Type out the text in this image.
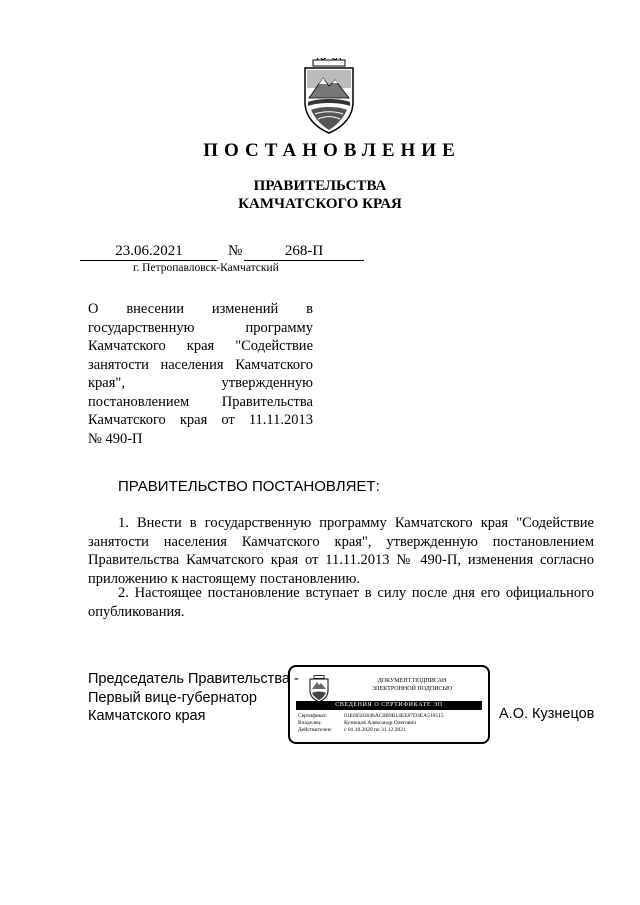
ПОСТАНОВЛЕНИЕ
ПРАВИТЕЛЬСТВА
КАМЧАТСКОГО КРАЯ
23.06.2021	№	268-П
г. Петропавловск-Камчатский
О внесении изменений в
государственную программу
Камчатского края "Содействие
занятости населения Камчатского
края", утвержденную
постановлением Правительства
Камчатского края от 11.11.2013
№ 490-П
ПРАВИТЕЛЬСТВО ПОСТАНОВЛЯЕТ:
1. Внести в государственную программу Камчатского края "Содействие
занятости населения Камчатского края", утвержденную постановлением
Правительства Камчатского края от 11.11.2013 № 490-П, изменения согласно
приложению к настоящему постановлению.
2. Настоящее постановление вступает в силу после дня его официального
опубликования.
Председатель Правительства -
Первый вице-губернатор
Камчатского края
ДОКУМЕНТ ПОДПИСАН
ЭЛЕКТРОННОЙ ПОДПИСЬЮ
СВЕДЕНИЯ О СЕРТИФИКАТЕ ЭП
Сертификат:	01E60583046AC0B9B14EE87D3EA510515
Владелец:	Кузнецов Александр Олегович
Действителен:	с 01.10.2020 по 31.12.2021
А.О. Кузнецов
